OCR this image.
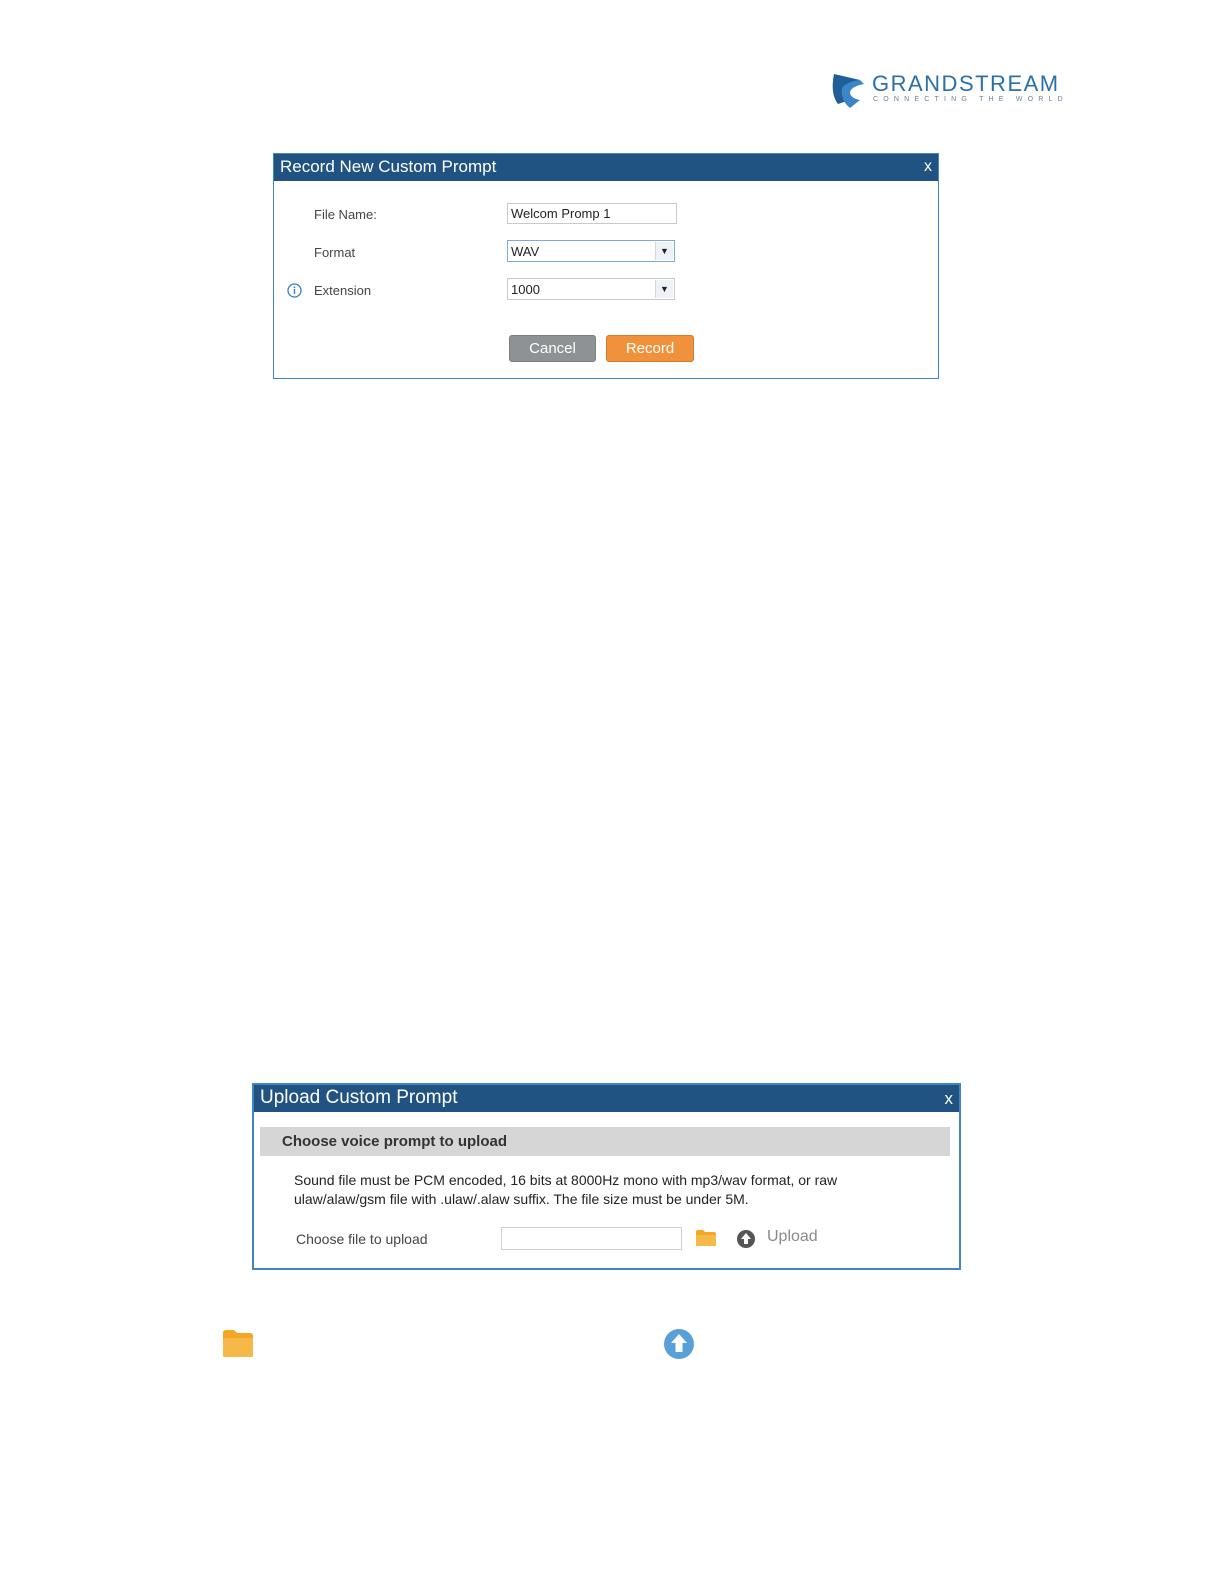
GRANDSTREAM
CONNECTING THE WORLD
Record New Custom Prompt	x
File Name:
Welcom Promp 1
Format	WAV	▼
Extension	1000	▼
Cancel	Record
Upload Custom Prompt	x
Choose voice prompt to upload
Sound file must be PCM encoded, 16 bits at 8000Hz mono with mp3/wav format, or raw
ulaw/alaw/gsm file with .ulaw/.alaw suffix. The file size must be under 5M.
Choose file to upload	Upload
